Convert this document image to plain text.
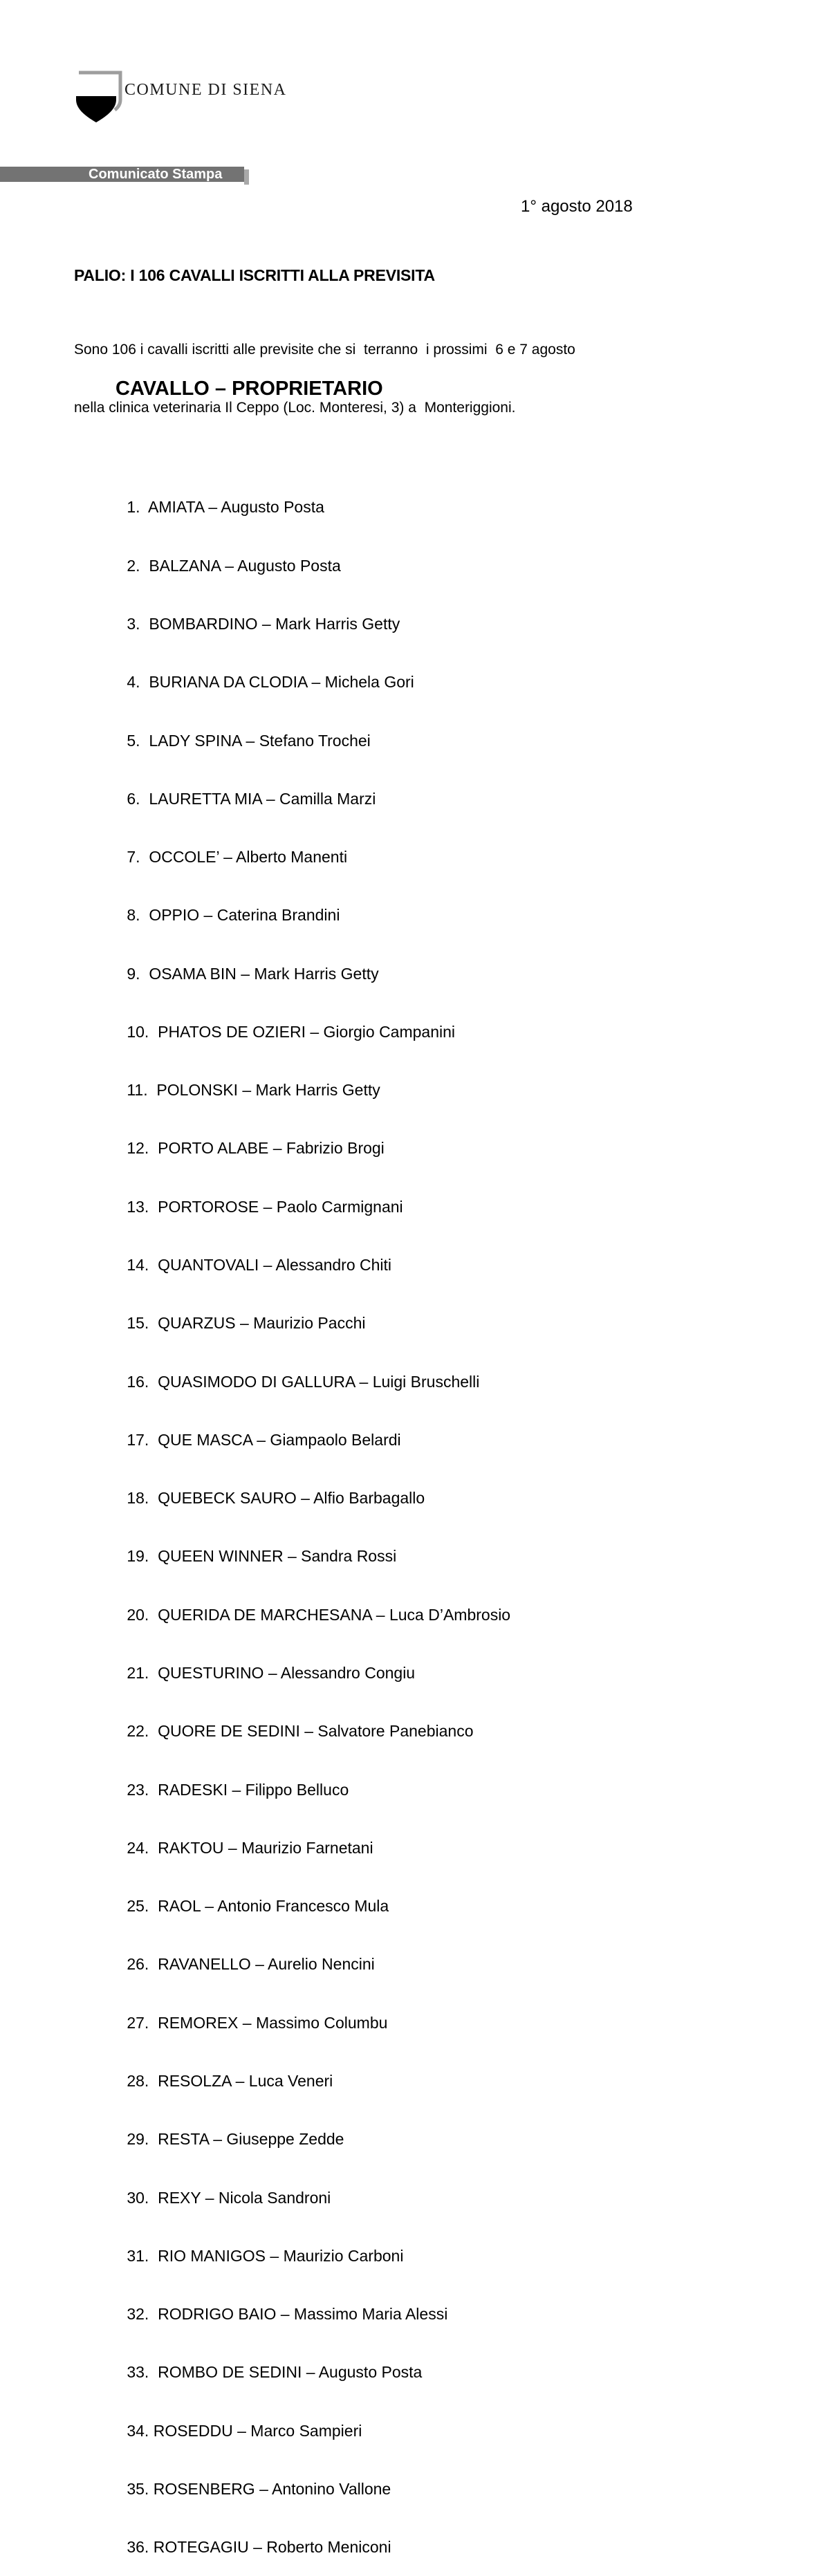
COMUNE DI SIENA
Comunicato Stampa
1° agosto 2018
PALIO: I 106 CAVALLI ISCRITTI ALLA PREVISITA

Sono 106 i cavalli iscritti alle previsite che si  terranno  i prossimi  6 e 7 agosto

nella clinica veterinaria Il Ceppo (Loc. Monteresi, 3) a  Monteriggioni.

CAVALLO – PROPRIETARIO

1.  AMIATA – Augusto Posta

2.  BALZANA – Augusto Posta

3.  BOMBARDINO – Mark Harris Getty

4.  BURIANA DA CLODIA – Michela Gori

5.  LADY SPINA – Stefano Trochei

6.  LAURETTA MIA – Camilla Marzi

7.  OCCOLE’ – Alberto Manenti

8.  OPPIO – Caterina Brandini

9.  OSAMA BIN – Mark Harris Getty

10.  PHATOS DE OZIERI – Giorgio Campanini

11.  POLONSKI – Mark Harris Getty

12.  PORTO ALABE – Fabrizio Brogi

13.  PORTOROSE – Paolo Carmignani

14.  QUANTOVALI – Alessandro Chiti

15.  QUARZUS – Maurizio Pacchi

16.  QUASIMODO DI GALLURA – Luigi Bruschelli

17.  QUE MASCA – Giampaolo Belardi

18.  QUEBECK SAURO – Alfio Barbagallo

19.  QUEEN WINNER – Sandra Rossi

20.  QUERIDA DE MARCHESANA – Luca D’Ambrosio

21.  QUESTURINO – Alessandro Congiu

22.  QUORE DE SEDINI – Salvatore Panebianco

23.  RADESKI – Filippo Belluco

24.  RAKTOU – Maurizio Farnetani

25.  RAOL – Antonio Francesco Mula

26.  RAVANELLO – Aurelio Nencini

27.  REMOREX – Massimo Columbu

28.  RESOLZA – Luca Veneri

29.  RESTA – Giuseppe Zedde

30.  REXY – Nicola Sandroni

31.  RIO MANIGOS – Maurizio Carboni

32.  RODRIGO BAIO – Massimo Maria Alessi

33.  ROMBO DE SEDINI – Augusto Posta

34. ROSEDDU – Marco Sampieri

35. ROSENBERG – Antonino Vallone

36. ROTEGAGIU – Roberto Meniconi
